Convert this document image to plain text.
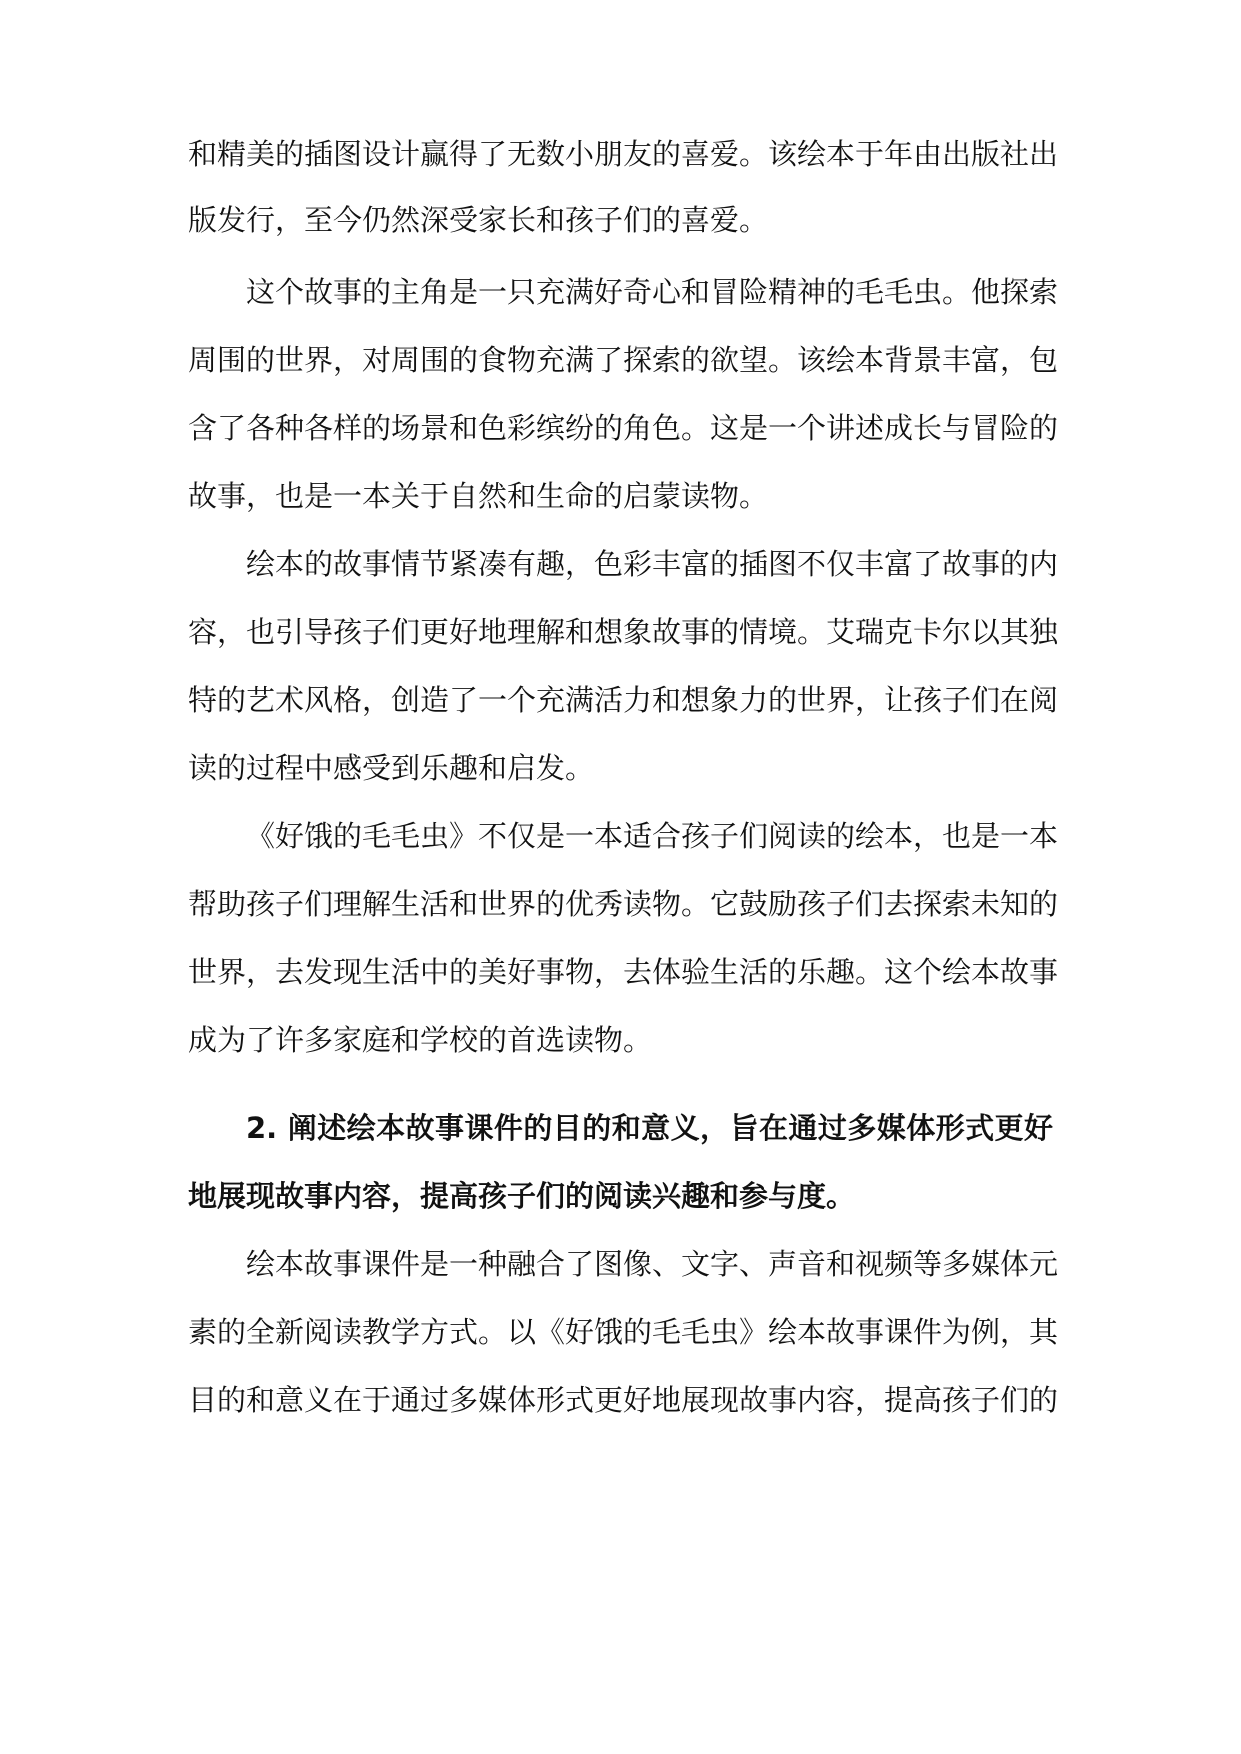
和精美的插图设计赢得了无数小朋友的喜爱。该绘本于年由出版社出
版发行，至今仍然深受家长和孩子们的喜爱。
这个故事的主角是一只充满好奇心和冒险精神的毛毛虫。他探索
周围的世界，对周围的食物充满了探索的欲望。该绘本背景丰富，包
含了各种各样的场景和色彩缤纷的角色。这是一个讲述成长与冒险的
故事，也是一本关于自然和生命的启蒙读物。
绘本的故事情节紧凑有趣，色彩丰富的插图不仅丰富了故事的内
容，也引导孩子们更好地理解和想象故事的情境。艾瑞克卡尔以其独
特的艺术风格，创造了一个充满活力和想象力的世界，让孩子们在阅
读的过程中感受到乐趣和启发。
《好饿的毛毛虫》不仅是一本适合孩子们阅读的绘本，也是一本
帮助孩子们理解生活和世界的优秀读物。它鼓励孩子们去探索未知的
世界，去发现生活中的美好事物，去体验生活的乐趣。这个绘本故事
成为了许多家庭和学校的首选读物。
2. 阐述绘本故事课件的目的和意义，旨在通过多媒体形式更好
地展现故事内容，提高孩子们的阅读兴趣和参与度。
绘本故事课件是一种融合了图像、文字、声音和视频等多媒体元
素的全新阅读教学方式。以《好饿的毛毛虫》绘本故事课件为例，其
目的和意义在于通过多媒体形式更好地展现故事内容，提高孩子们的
